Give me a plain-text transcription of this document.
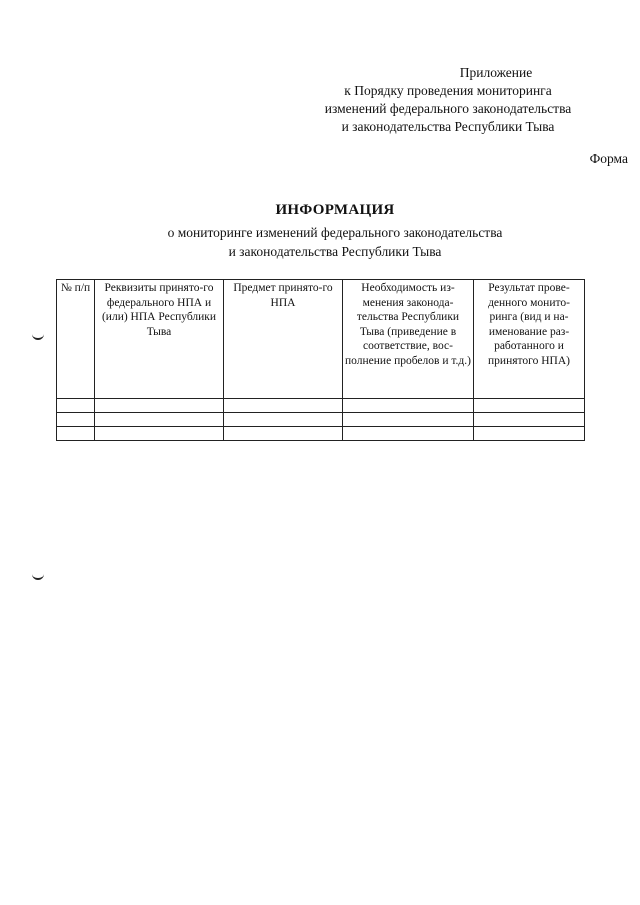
Приложение
к Порядку проведения мониторинга
изменений федерального законодательства
и законодательства Республики Тыва
Форма
ИНФОРМАЦИЯ
о мониторинге изменений федерального законодательства
и законодательства Республики Тыва
№ п/п	Реквизиты принято-го федерального НПА и (или) НПА Республики Тыва	Предмет принято-го НПА	Необходимость из-менения законода-тельства Республики Тыва (приведение в соответствие, вос-полнение пробелов и т.д.)	Результат прове-денного монито-ринга (вид и на-именование раз-работанного и принятого НПА)
